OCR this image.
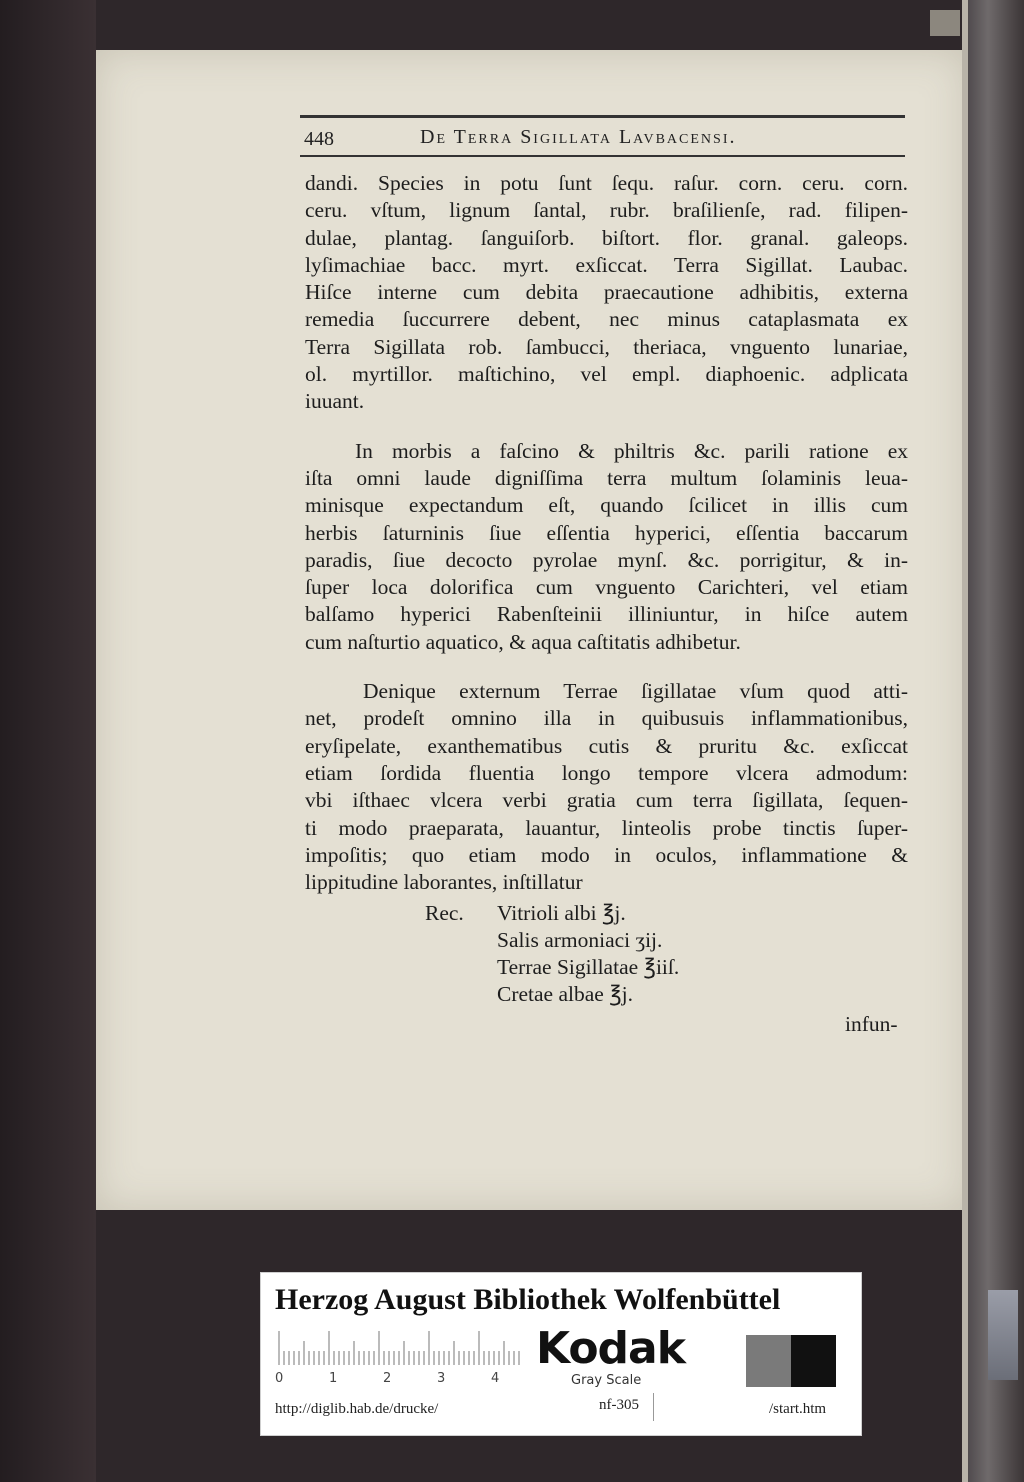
448	De Terra Sigillata Lavbacensi.
dandi. Species in potu ſunt ſequ. raſur. corn. ceru. corn.
ceru. vſtum, lignum ſantal, rubr. braſilienſe, rad. filipen-
dulae, plantag. ſanguiſorb. biſtort. flor. granal. galeops.
lyſimachiae bacc. myrt. exſiccat. Terra Sigillat. Laubac.
Hiſce interne cum debita praecautione adhibitis, externa
remedia ſuccurrere debent, nec minus cataplasmata ex
Terra Sigillata rob. ſambucci, theriaca, vnguento lunariae,
ol. myrtillor. maſtichino, vel empl. diaphoenic. adplicata
iuuant.
In morbis a faſcino & philtris &c. parili ratione ex
iſta omni laude digniſſima terra multum ſolaminis leua-
minisque expectandum eſt, quando ſcilicet in illis cum
herbis ſaturninis ſiue eſſentia hyperici, eſſentia baccarum
paradis, ſiue decocto pyrolae mynſ. &c. porrigitur, & in-
ſuper loca dolorifica cum vnguento Carichteri, vel etiam
balſamo hyperici Rabenſteinii illiniuntur, in hiſce autem
cum naſturtio aquatico, & aqua caſtitatis adhibetur.
Denique externum Terrae ſigillatae vſum quod atti-
net, prodeſt omnino illa in quibusuis inflammationibus,
eryſipelate, exanthematibus cutis & pruritu &c. exſiccat
etiam ſordida fluentia longo tempore vlcera admodum:
vbi iſthaec vlcera verbi gratia cum terra ſigillata, ſequen-
ti modo praeparata, lauantur, linteolis probe tinctis ſuper-
impoſitis; quo etiam modo in oculos, inflammatione &
lippitudine laborantes, inſtillatur
Rec. Vitrioli albi ℥j.
Salis armoniaci ʒij.
Terrae Sigillatae ℥iiſ.
Cretae albae ℥j.
infun-
Herzog August Bibliothek Wolfenbüttel
0	1	2	3	4
Kodak
Gray Scale
http://diglib.hab.de/drucke/	nf-305	/start.htm
